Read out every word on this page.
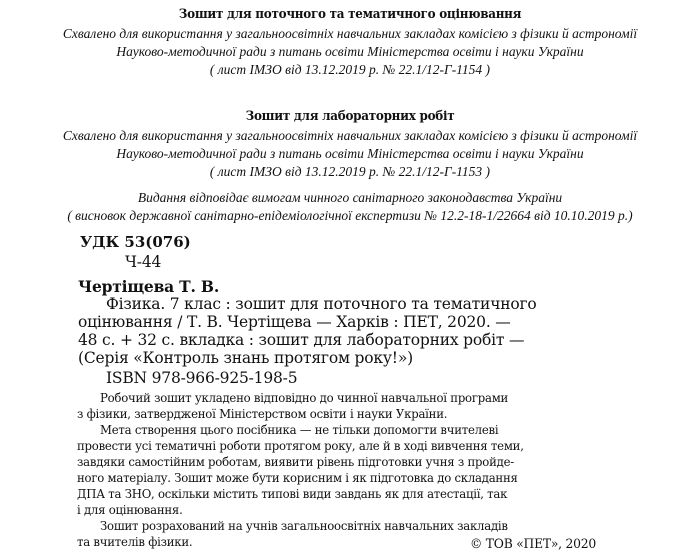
Зошит для поточного та тематичного оцінювання
Схвалено для використання у загальноосвітніх навчальних закладах комісією з фізики й астрономії
Науково-методичної ради з питань освіти Міністерства освіти і науки України
( лист ІМЗО від 13.12.2019 р. № 22.1/12-Г-1154 )
Зошит для лабораторних робіт
Схвалено для використання у загальноосвітніх навчальних закладах комісією з фізики й астрономії
Науково-методичної ради з питань освіти Міністерства освіти і науки України
( лист ІМЗО від 13.12.2019 р. № 22.1/12-Г-1153 )
Видання відповідає вимогам чинного санітарного законодавства України
( висновок державної санітарно-епідеміологічної експертизи № 12.2-18-1/22664 від 10.10.2019 р.)
УДК 53(076)
Ч-44
Чертіщева Т. В.
Фізика. 7 клас : зошит для поточного та тематичного
оцінювання / Т. В. Чертіщева — Харків : ПЕТ, 2020. —
48 с. + 32 с. вкладка : зошит для лабораторних робіт —
(Серія «Контроль знань протягом року!»)
ISBN 978-966-925-198-5
Робочий зошит укладено відповідно до чинної навчальної програми
з фізики, затвердженої Міністерством освіти і науки України.
Мета створення цього посібника — не тільки допомогти вчителеві
провести усі тематичні роботи протягом року, але й в ході вивчення теми,
завдяки самостійним роботам, виявити рівень підготовки учня з пройде-
ного матеріалу. Зошит може бути корисним і як підготовка до складання
ДПА та ЗНО, оскільки містить типові види завдань як для атестації, так
і для оцінювання.
Зошит розрахований на учнів загальноосвітніх навчальних закладів
та вчителів фізики.	© ТОВ «ПЕТ», 2020
